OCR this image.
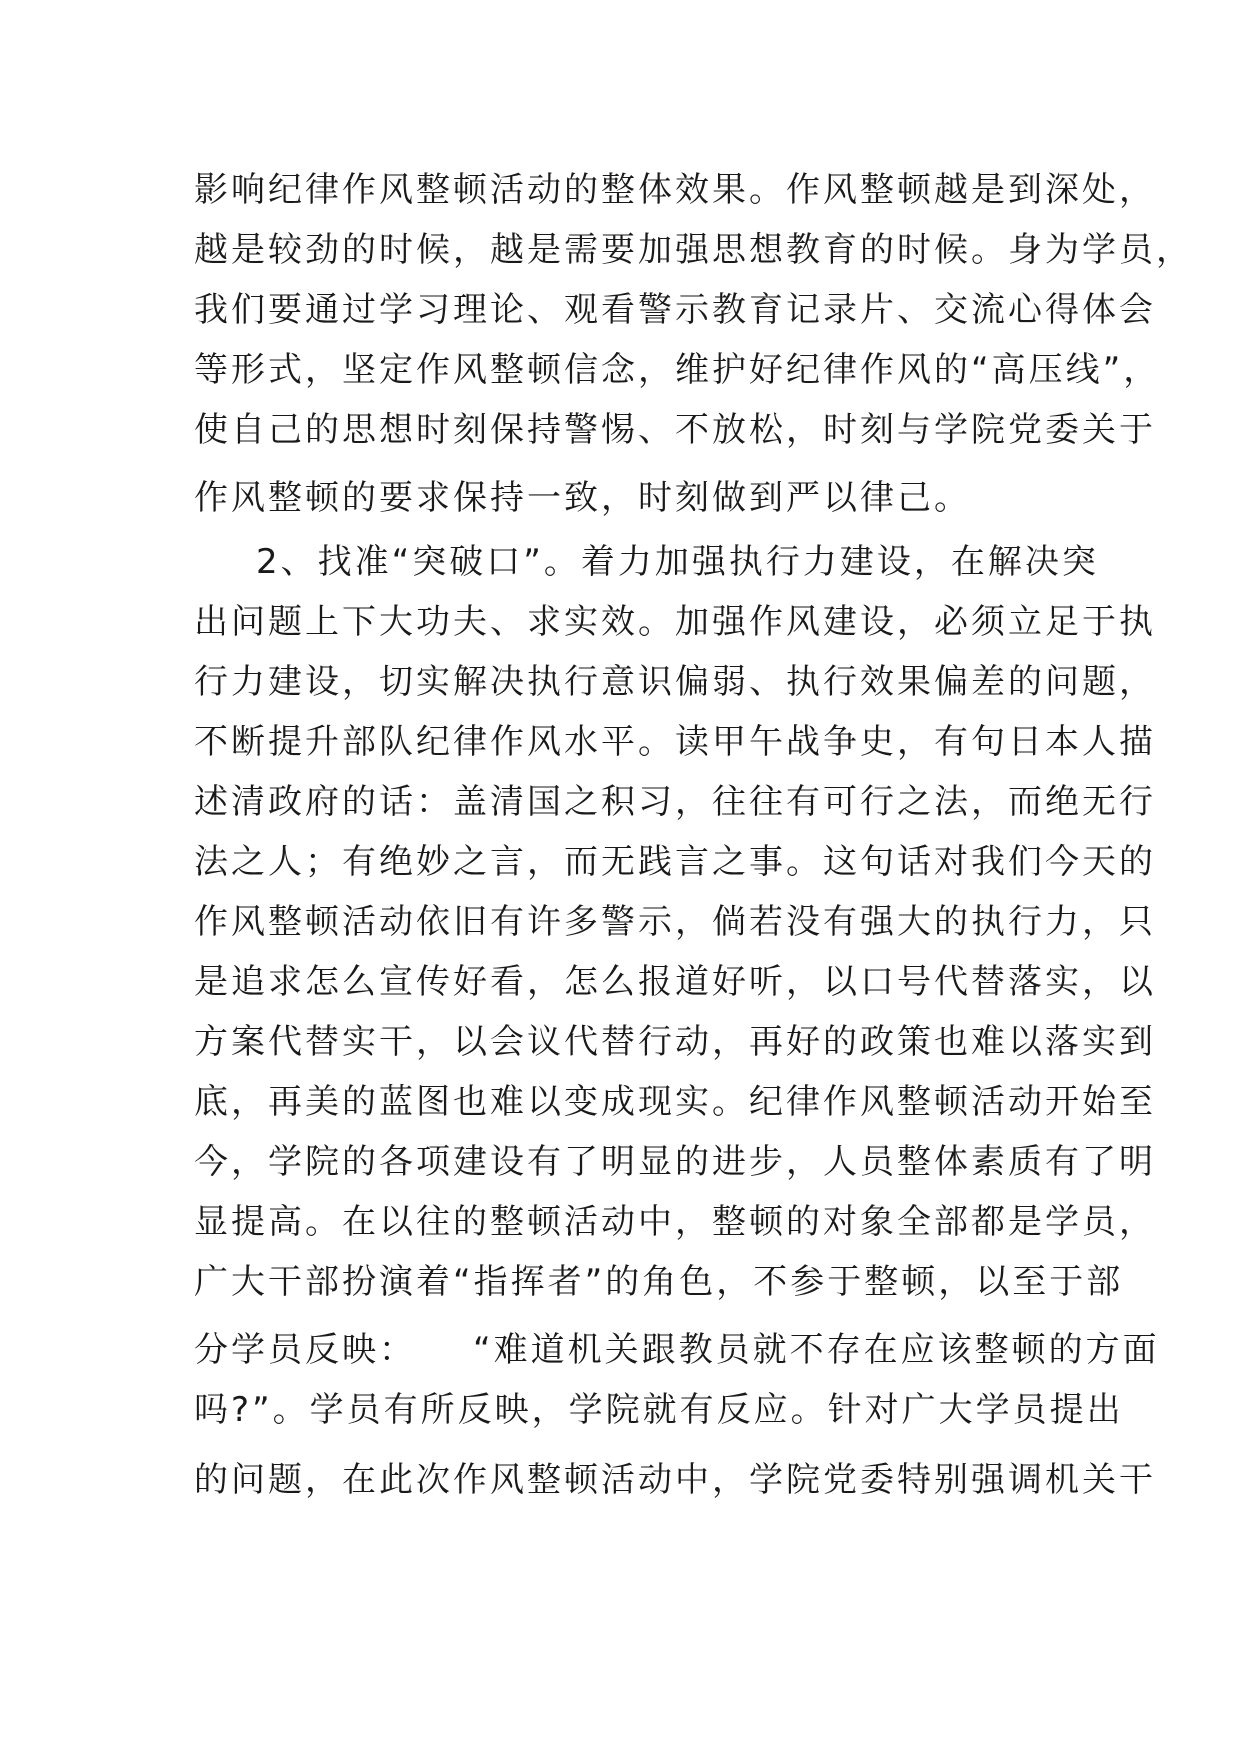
影响纪律作风整顿活动的整体效果。作风整顿越是到深处，
越是较劲的时候，越是需要加强思想教育的时候。身为学员，
我们要通过学习理论、观看警示教育记录片、交流心得体会
等形式，坚定作风整顿信念，维护好纪律作风的“高压线”，
使自己的思想时刻保持警惕、不放松，时刻与学院党委关于
作风整顿的要求保持一致，时刻做到严以律己。
2、找准“突破口”。着力加强执行力建设，在解决突
出问题上下大功夫、求实效。加强作风建设，必须立足于执
行力建设，切实解决执行意识偏弱、执行效果偏差的问题，
不断提升部队纪律作风水平。读甲午战争史，有句日本人描
述清政府的话：盖清国之积习，往往有可行之法，而绝无行
法之人；有绝妙之言，而无践言之事。这句话对我们今天的
作风整顿活动依旧有许多警示，倘若没有强大的执行力，只
是追求怎么宣传好看，怎么报道好听，以口号代替落实，以
方案代替实干，以会议代替行动，再好的政策也难以落实到
底，再美的蓝图也难以变成现实。纪律作风整顿活动开始至
今，学院的各项建设有了明显的进步，人员整体素质有了明
显提高。在以往的整顿活动中，整顿的对象全部都是学员，
广大干部扮演着“指挥者”的角色，不参于整顿，以至于部
分学员反映：　　“难道机关跟教员就不存在应该整顿的方面
吗?”。学员有所反映，学院就有反应。针对广大学员提出
的问题，在此次作风整顿活动中，学院党委特别强调机关干
